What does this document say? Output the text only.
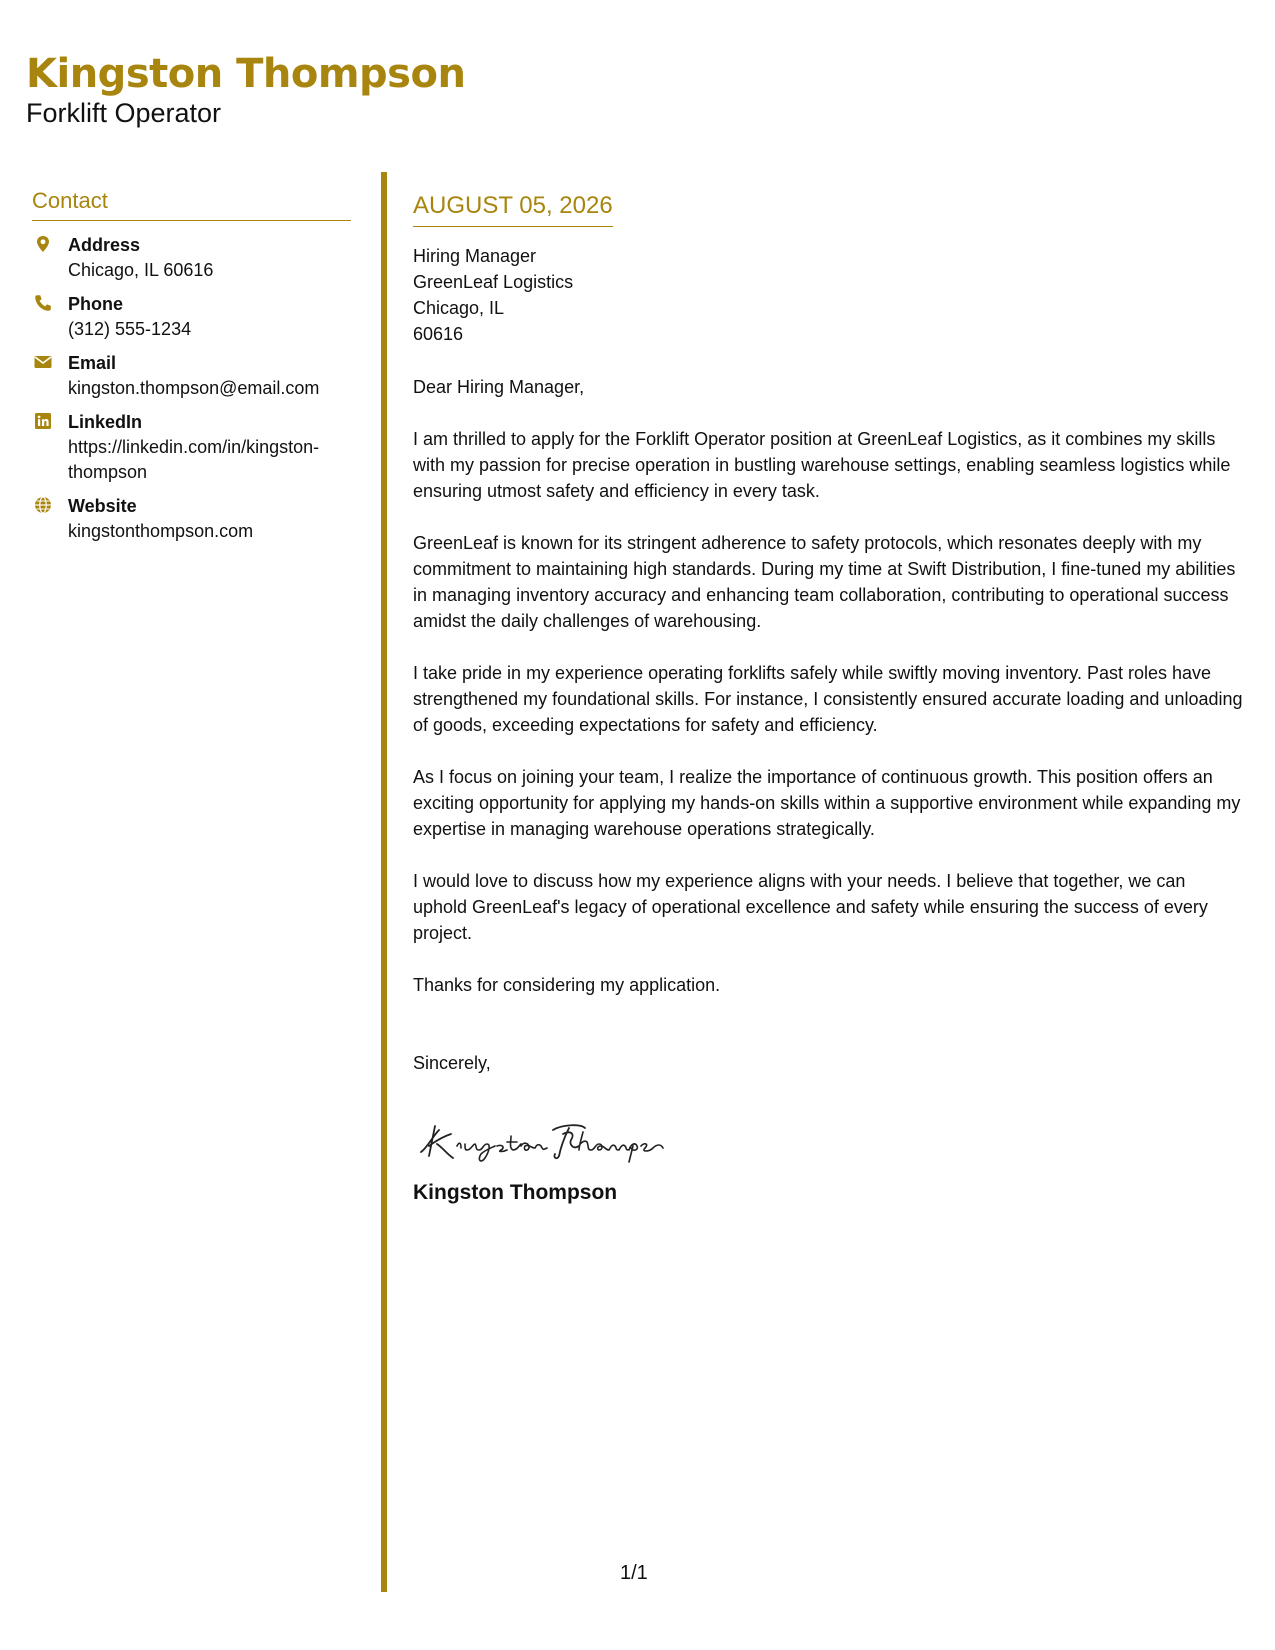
Kingston Thompson
Forklift Operator
Contact
Address
Chicago, IL 60616
Phone
(312) 555-1234
Email
kingston.thompson@email.com
LinkedIn
https://linkedin.com/in/kingston-thompson
Website
kingstonthompson.com
AUGUST 05, 2026
Hiring Manager
GreenLeaf Logistics
Chicago, IL
60616
Dear Hiring Manager,

I am thrilled to apply for the Forklift Operator position at GreenLeaf Logistics, as it combines my skills with my passion for precise operation in bustling warehouse settings, enabling seamless logistics while ensuring utmost safety and efficiency in every task.

GreenLeaf is known for its stringent adherence to safety protocols, which resonates deeply with my commitment to maintaining high standards. During my time at Swift Distribution, I fine-tuned my abilities in managing inventory accuracy and enhancing team collaboration, contributing to operational success amidst the daily challenges of warehousing.

I take pride in my experience operating forklifts safely while swiftly moving inventory. Past roles have strengthened my foundational skills. For instance, I consistently ensured accurate loading and unloading of goods, exceeding expectations for safety and efficiency.

As I focus on joining your team, I realize the importance of continuous growth. This position offers an exciting opportunity for applying my hands-on skills within a supportive environment while expanding my expertise in managing warehouse operations strategically.

I would love to discuss how my experience aligns with your needs. I believe that together, we can uphold GreenLeaf's legacy of operational excellence and safety while ensuring the success of every project.

Thanks for considering my application.

Sincerely,
Kingston Thompson
1/1
